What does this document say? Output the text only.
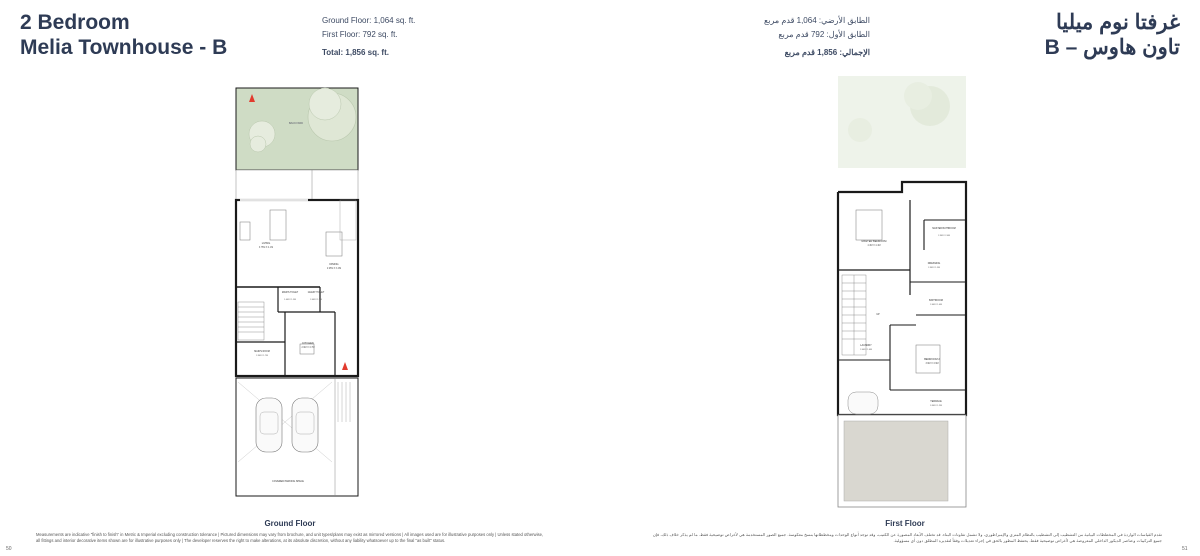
2 Bedroom
Melia Townhouse - B
Ground Floor: 1,064 sq. ft.
First Floor: 792 sq. ft.
Total: 1,856 sq. ft.
الطابق الأرضي: 1,064 قدم مربع
الطابق الأول: 792 قدم مربع
الإجمالي: 1,856 قدم مربع
غرفتا نوم ميليا
تاون هاوس – B
BACKYARD
LIVING
3.75M X 4.1M
DINING
2.95M X 3.0M
MAID'S TOILET
1.0M X 1.5M
GUEST TOILET
2.0M X 1.5M
MAID'S ROOM
2.3M X 1.7M
KITCHEN
2.9M X 3.7M
COVERED PARKING SPACE
Ground Floor
UP
MASTER BEDROOM
4.3M X 4.4M
MASTER BATHROOM
2.3M X 2.0M
DRESSING
2.3M X 1.5M
BATHROOM
2.4M X 1.4M
LAUNDRY
2.0M X 1.6M
BEDROOM 2
3.9M X 3.9M
TERRACE
3.9M X 1.2M
First Floor
Measurements are indicative "finish to finish" in Metric & Imperial excluding construction tolerance | Pictured dimensions may vary from brochure, and unit types/plans may exist as mirrored versions | All images used are for illustrative purposes only | Unless stated otherwise, all fittings and interior decorative items shown are for illustrative purposes only | The developer reserves the right to make alterations, at its absolute discretion, without any liability whatsoever up to the final "as built" status.
تقدم القياسات الواردة في المخططات البيانية من التشطيب إلى التشطيب بالنظام المتري والإمبراطوري، ولا تشمل تفاوتات البناء. قد تختلف الأبعاد المصورة عن الكتيب، وقد توجد أنواع الوحدات ومخططاتها بنسخ معكوسة. جميع الصور المستخدمة هي لأغراض توضيحية فقط. ما لم يذكر خلاف ذلك، فإن جميع التركيبات وعناصر الديكور الداخلي المعروضة هي لأغراض توضيحية فقط. يحتفظ المطور بالحق في إجراء تعديلات وفقاً لتقديره المطلق دون أي مسؤولية.
50	51
